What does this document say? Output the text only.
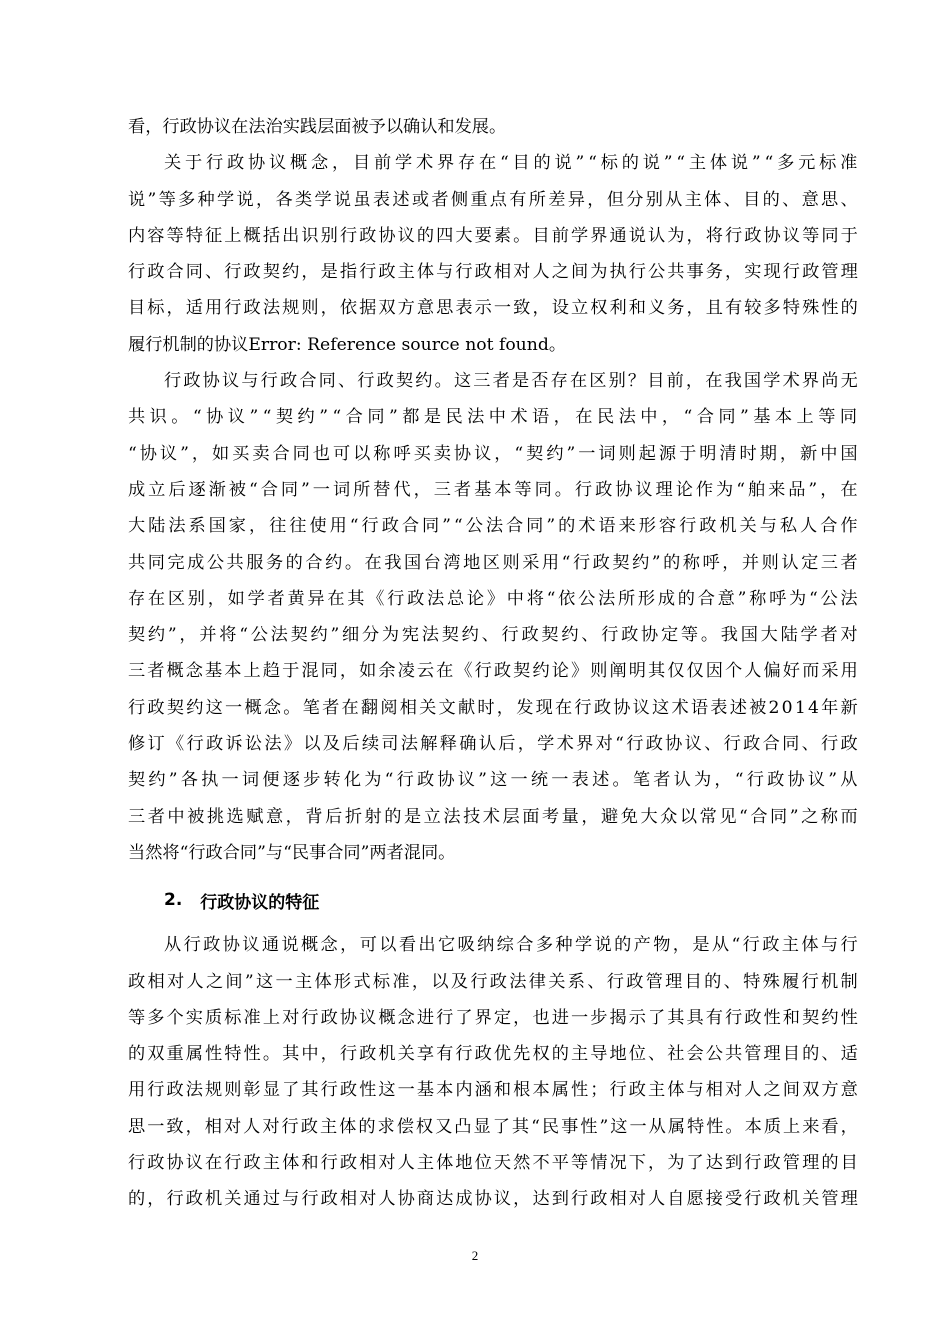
看，行政协议在法治实践层面被予以确认和发展。
关于行政协议概念，目前学术界存在“目的说”“标的说”“主体说”“多元标准
说”等多种学说，各类学说虽表述或者侧重点有所差异，但分别从主体、目的、意思、
内容等特征上概括出识别行政协议的四大要素。目前学界通说认为，将行政协议等同于
行政合同、行政契约，是指行政主体与行政相对人之间为执行公共事务，实现行政管理
目标，适用行政法规则，依据双方意思表示一致，设立权利和义务，且有较多特殊性的
履行机制的协议Error: Reference source not found。
行政协议与行政合同、行政契约。这三者是否存在区别？目前，在我国学术界尚无
共识。“协议”“契约”“合同”都是民法中术语，在民法中，“合同”基本上等同
“协议”，如买卖合同也可以称呼买卖协议，“契约”一词则起源于明清时期，新中国
成立后逐渐被“合同”一词所替代，三者基本等同。行政协议理论作为“舶来品”，在
大陆法系国家，往往使用“行政合同”“公法合同”的术语来形容行政机关与私人合作
共同完成公共服务的合约。在我国台湾地区则采用“行政契约”的称呼，并则认定三者
存在区别，如学者黄异在其《行政法总论》中将“依公法所形成的合意”称呼为“公法
契约”，并将“公法契约”细分为宪法契约、行政契约、行政协定等。我国大陆学者对
三者概念基本上趋于混同，如余凌云在《行政契约论》则阐明其仅仅因个人偏好而采用
行政契约这一概念。笔者在翻阅相关文献时，发现在行政协议这术语表述被2014年新
修订《行政诉讼法》以及后续司法解释确认后，学术界对“行政协议、行政合同、行政
契约”各执一词便逐步转化为“行政协议”这一统一表述。笔者认为，“行政协议”从
三者中被挑选赋意，背后折射的是立法技术层面考量，避免大众以常见“合同”之称而
当然将“行政合同”与“民事合同”两者混同。
2. 行政协议的特征
从行政协议通说概念，可以看出它吸纳综合多种学说的产物，是从“行政主体与行
政相对人之间”这一主体形式标准，以及行政法律关系、行政管理目的、特殊履行机制
等多个实质标准上对行政协议概念进行了界定，也进一步揭示了其具有行政性和契约性
的双重属性特性。其中，行政机关享有行政优先权的主导地位、社会公共管理目的、适
用行政法规则彰显了其行政性这一基本内涵和根本属性；行政主体与相对人之间双方意
思一致，相对人对行政主体的求偿权又凸显了其“民事性”这一从属特性。本质上来看，
行政协议在行政主体和行政相对人主体地位天然不平等情况下，为了达到行政管理的目
的，行政机关通过与行政相对人协商达成协议，达到行政相对人自愿接受行政机关管理
2
